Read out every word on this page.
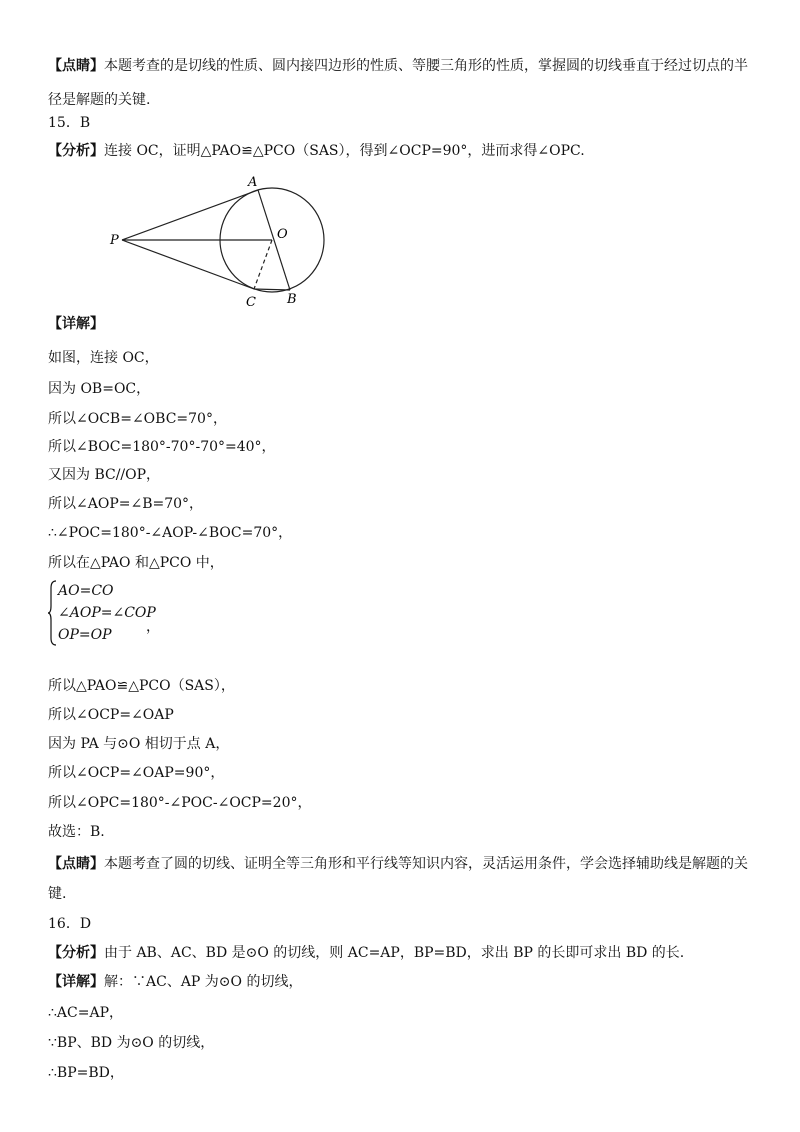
【点睛】本题考查的是切线的性质、圆内接四边形的性质、等腰三角形的性质，掌握圆的切线垂直于经过切点的半径是解题的关键.
15．B
【分析】连接 OC，证明△PAO≌△PCO（SAS），得到∠OCP=90°，进而求得∠OPC.
A
O
P
C B
【详解】
如图，连接 OC，
因为 OB=OC，
所以∠OCB=∠OBC=70°，
所以∠BOC=180°-70°-70°=40°，
又因为 BC//OP，
所以∠AOP=∠B=70°，
∴∠POC=180°-∠AOP-∠BOC=70°，
所以在△PAO 和△PCO 中，
AO=CO
∠AOP=∠COP
OP=OP	，
所以△PAO≌△PCO（SAS），
所以∠OCP=∠OAP
因为 PA 与⊙O 相切于点 A，
所以∠OCP=∠OAP=90°，
所以∠OPC=180°-∠POC-∠OCP=20°，
故选：B.
【点睛】本题考查了圆的切线、证明全等三角形和平行线等知识内容，灵活运用条件，学会选择辅助线是解题的关键.
16．D
【分析】由于 AB、AC、BD 是⊙O 的切线，则 AC=AP，BP=BD，求出 BP 的长即可求出 BD 的长.
【详解】解：∵AC、AP 为⊙O 的切线，
∴AC=AP，
∵BP、BD 为⊙O 的切线，
∴BP=BD，
